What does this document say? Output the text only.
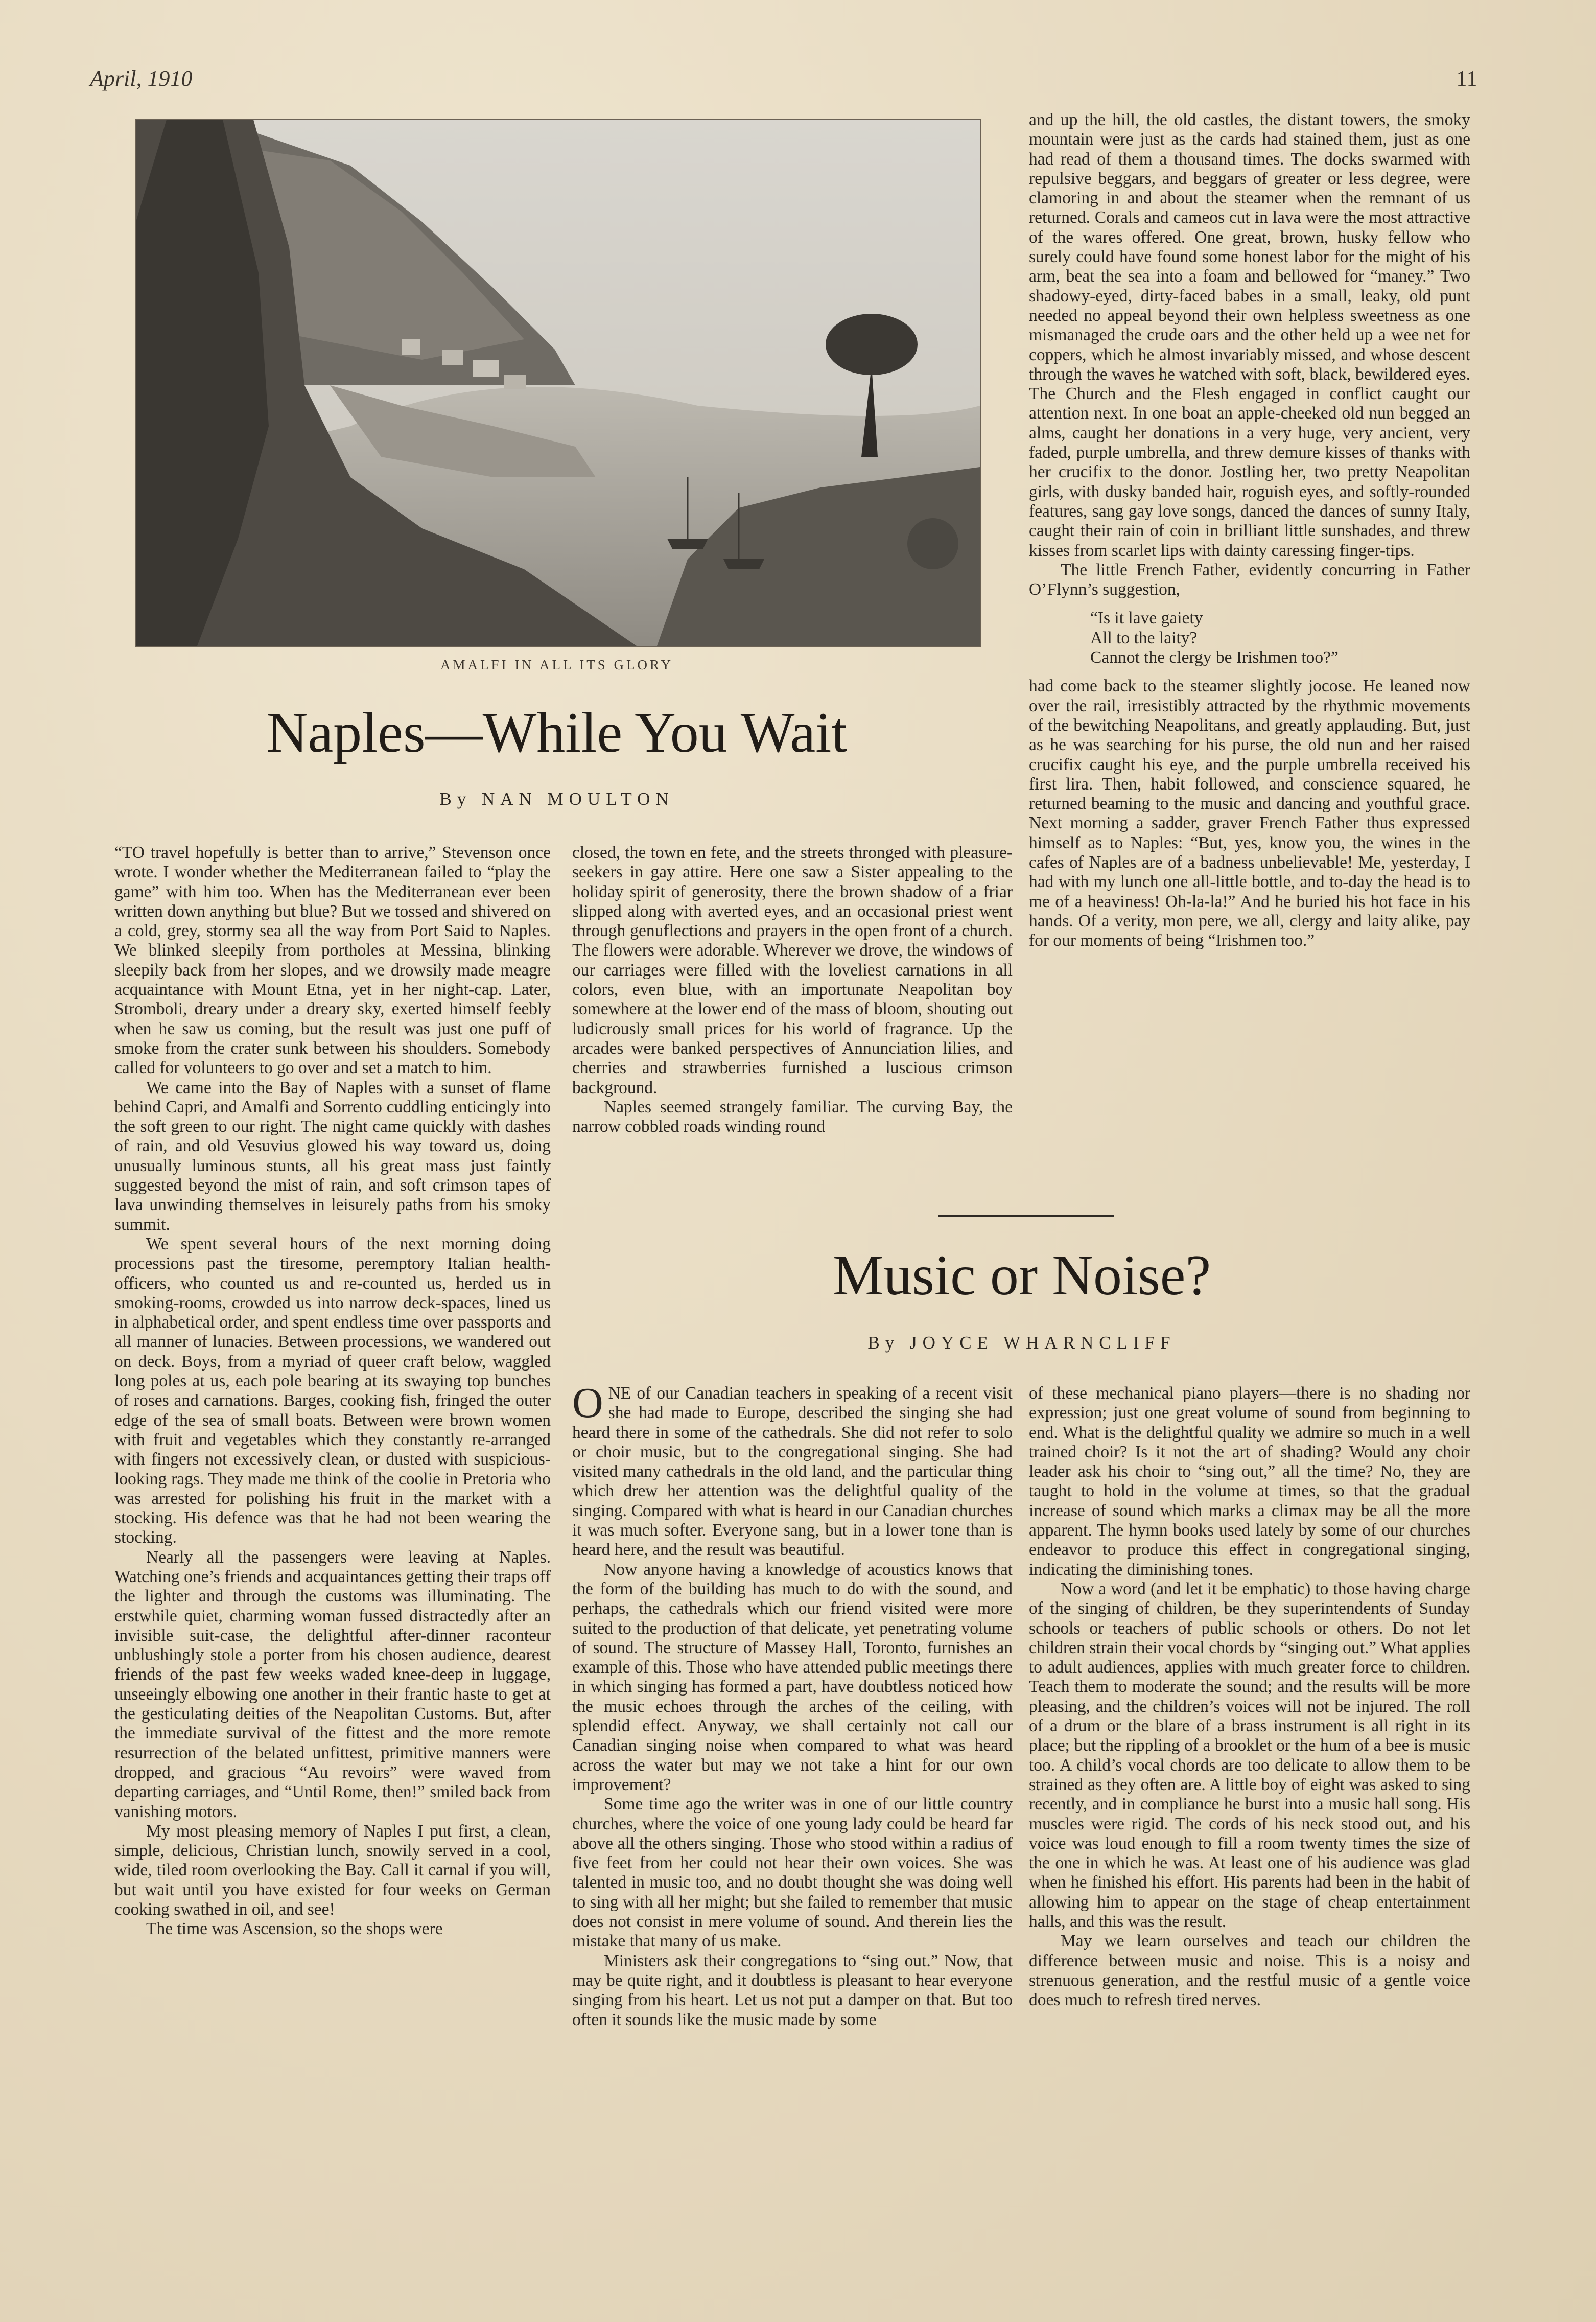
April, 1910	11
AMALFI IN ALL ITS GLORY
Naples—While You Wait
By NAN MOULTON

“TO travel hopefully is better than to arrive,” Stevenson once wrote. I wonder whether the Mediterranean failed to “play the game” with him too. When has the Mediterranean ever been written down anything but blue? But we tossed and shivered on a cold, grey, stormy sea all the way from Port Said to Naples. We blinked sleepily from portholes at Messina, blinking sleepily back from her slopes, and we drowsily made meagre acquaintance with Mount Etna, yet in her night-cap. Later, Stromboli, dreary under a dreary sky, exerted himself feebly when he saw us coming, but the result was just one puff of smoke from the crater sunk between his shoulders. Somebody called for volunteers to go over and set a match to him.

We came into the Bay of Naples with a sunset of flame behind Capri, and Amalfi and Sorrento cuddling enticingly into the soft green to our right. The night came quickly with dashes of rain, and old Vesuvius glowed his way toward us, doing unusually luminous stunts, all his great mass just faintly suggested beyond the mist of rain, and soft crimson tapes of lava unwinding themselves in leisurely paths from his smoky summit.

We spent several hours of the next morning doing processions past the tiresome, peremptory Italian health-officers, who counted us and re-counted us, herded us in smoking-rooms, crowded us into narrow deck-spaces, lined us in alphabetical order, and spent endless time over passports and all manner of lunacies. Between processions, we wandered out on deck. Boys, from a myriad of queer craft below, waggled long poles at us, each pole bearing at its swaying top bunches of roses and carnations. Barges, cooking fish, fringed the outer edge of the sea of small boats. Between were brown women with fruit and vegetables which they constantly re-arranged with fingers not excessively clean, or dusted with suspicious-looking rags. They made me think of the coolie in Pretoria who was arrested for polishing his fruit in the market with a stocking. His defence was that he had not been wearing the stocking.

Nearly all the passengers were leaving at Naples. Watching one’s friends and acquaintances getting their traps off the lighter and through the customs was illuminating. The erstwhile quiet, charming woman fussed distractedly after an invisible suit-case, the delightful after-dinner raconteur unblushingly stole a porter from his chosen audience, dearest friends of the past few weeks waded knee-deep in luggage, unseeingly elbowing one another in their frantic haste to get at the gesticulating deities of the Neapolitan Customs. But, after the immediate survival of the fittest and the more remote resurrection of the belated unfittest, primitive manners were dropped, and gracious “Au revoirs” were waved from departing carriages, and “Until Rome, then!” smiled back from vanishing motors.

My most pleasing memory of Naples I put first, a clean, simple, delicious, Christian lunch, snowily served in a cool, wide, tiled room overlooking the Bay. Call it carnal if you will, but wait until you have existed for four weeks on German cooking swathed in oil, and see!

The time was Ascension, so the shops were

closed, the town en fete, and the streets thronged with pleasure-seekers in gay attire. Here one saw a Sister appealing to the holiday spirit of generosity, there the brown shadow of a friar slipped along with averted eyes, and an occasional priest went through genuflections and prayers in the open front of a church. The flowers were adorable. Wherever we drove, the windows of our carriages were filled with the loveliest carnations in all colors, even blue, with an importunate Neapolitan boy somewhere at the lower end of the mass of bloom, shouting out ludicrously small prices for his world of fragrance. Up the arcades were banked perspectives of Annunciation lilies, and cherries and strawberries furnished a luscious crimson background.

Naples seemed strangely familiar. The curving Bay, the narrow cobbled roads winding round

and up the hill, the old castles, the distant towers, the smoky mountain were just as the cards had stained them, just as one had read of them a thousand times. The docks swarmed with repulsive beggars, and beggars of greater or less degree, were clamoring in and about the steamer when the remnant of us returned. Corals and cameos cut in lava were the most attractive of the wares offered. One great, brown, husky fellow who surely could have found some honest labor for the might of his arm, beat the sea into a foam and bellowed for “maney.” Two shadowy-eyed, dirty-faced babes in a small, leaky, old punt needed no appeal beyond their own helpless sweetness as one mismanaged the crude oars and the other held up a wee net for coppers, which he almost invariably missed, and whose descent through the waves he watched with soft, black, bewildered eyes. The Church and the Flesh engaged in conflict caught our attention next. In one boat an apple-cheeked old nun begged an alms, caught her donations in a very huge, very ancient, very faded, purple umbrella, and threw demure kisses of thanks with her crucifix to the donor. Jostling her, two pretty Neapolitan girls, with dusky banded hair, roguish eyes, and softly-rounded features, sang gay love songs, danced the dances of sunny Italy, caught their rain of coin in brilliant little sunshades, and threw kisses from scarlet lips with dainty caressing finger-tips.

The little French Father, evidently concurring in Father O’Flynn’s suggestion,

“Is it lave gaiety
All to the laity?
Cannot the clergy be Irishmen too?”

had come back to the steamer slightly jocose. He leaned now over the rail, irresistibly attracted by the rhythmic movements of the bewitching Neapolitans, and greatly applauding. But, just as he was searching for his purse, the old nun and her raised crucifix caught his eye, and the purple umbrella received his first lira. Then, habit followed, and conscience squared, he returned beaming to the music and dancing and youthful grace. Next morning a sadder, graver French Father thus expressed himself as to Naples: “But, yes, know you, the wines in the cafes of Naples are of a badness unbelievable! Me, yesterday, I had with my lunch one all-little bottle, and to-day the head is to me of a heaviness! Oh-la-la!” And he buried his hot face in his hands. Of a verity, mon pere, we all, clergy and laity alike, pay for our moments of being “Irishmen too.”

Music or Noise?
By JOYCE WHARNCLIFF

ONE of our Canadian teachers in speaking of a recent visit she had made to Europe, described the singing she had heard there in some of the cathedrals. She did not refer to solo or choir music, but to the congregational singing. She had visited many cathedrals in the old land, and the particular thing which drew her attention was the delightful quality of the singing. Compared with what is heard in our Canadian churches it was much softer. Everyone sang, but in a lower tone than is heard here, and the result was beautiful.

Now anyone having a knowledge of acoustics knows that the form of the building has much to do with the sound, and perhaps, the cathedrals which our friend visited were more suited to the production of that delicate, yet penetrating volume of sound. The structure of Massey Hall, Toronto, furnishes an example of this. Those who have attended public meetings there in which singing has formed a part, have doubtless noticed how the music echoes through the arches of the ceiling, with splendid effect. Anyway, we shall certainly not call our Canadian singing noise when compared to what was heard across the water but may we not take a hint for our own improvement?

Some time ago the writer was in one of our little country churches, where the voice of one young lady could be heard far above all the others singing. Those who stood within a radius of five feet from her could not hear their own voices. She was talented in music too, and no doubt thought she was doing well to sing with all her might; but she failed to remember that music does not consist in mere volume of sound. And therein lies the mistake that many of us make.

Ministers ask their congregations to “sing out.” Now, that may be quite right, and it doubtless is pleasant to hear everyone singing from his heart. Let us not put a damper on that. But too often it sounds like the music made by some

of these mechanical piano players—there is no shading nor expression; just one great volume of sound from beginning to end. What is the delightful quality we admire so much in a well trained choir? Is it not the art of shading? Would any choir leader ask his choir to “sing out,” all the time? No, they are taught to hold in the volume at times, so that the gradual increase of sound which marks a climax may be all the more apparent. The hymn books used lately by some of our churches endeavor to produce this effect in congregational singing, indicating the diminishing tones.

Now a word (and let it be emphatic) to those having charge of the singing of children, be they superintendents of Sunday schools or teachers of public schools or others. Do not let children strain their vocal chords by “singing out.” What applies to adult audiences, applies with much greater force to children. Teach them to moderate the sound; and the results will be more pleasing, and the children’s voices will not be injured. The roll of a drum or the blare of a brass instrument is all right in its place; but the rippling of a brooklet or the hum of a bee is music too. A child’s vocal chords are too delicate to allow them to be strained as they often are. A little boy of eight was asked to sing recently, and in compliance he burst into a music hall song. His muscles were rigid. The cords of his neck stood out, and his voice was loud enough to fill a room twenty times the size of the one in which he was. At least one of his audience was glad when he finished his effort. His parents had been in the habit of allowing him to appear on the stage of cheap entertainment halls, and this was the result.

May we learn ourselves and teach our children the difference between music and noise. This is a noisy and strenuous generation, and the restful music of a gentle voice does much to refresh tired nerves.
